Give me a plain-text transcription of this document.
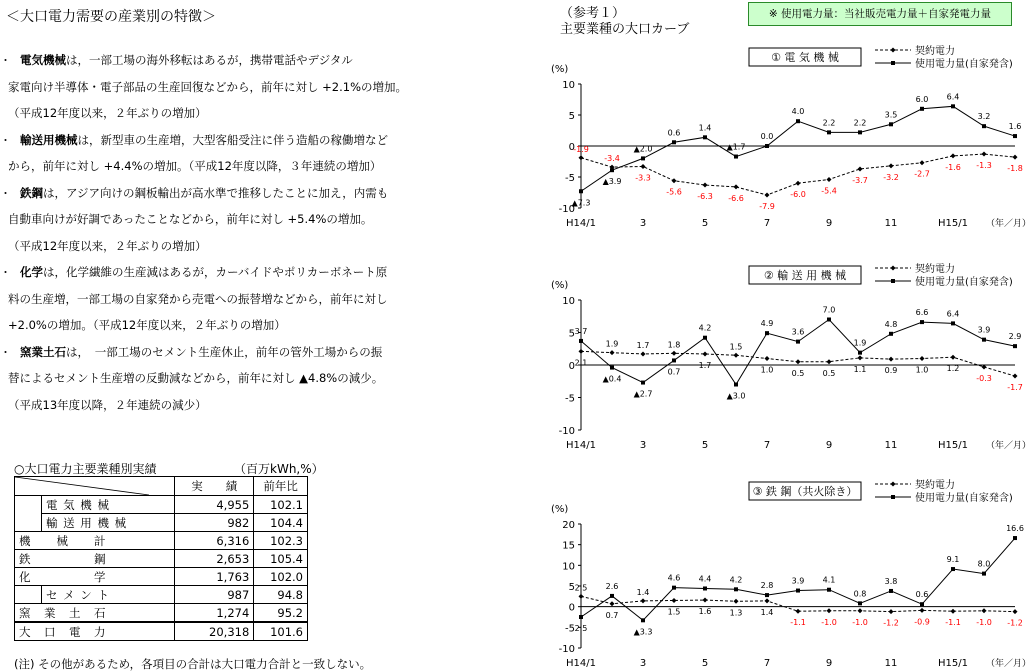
＜大口電力需要の産業別の特徴＞
・ 電気機械は，一部工場の海外移転はあるが，携帯電話やデジタル
家電向け半導体・電子部品の生産回復などから，前年に対し +2.1%の増加。
（平成12年度以来，２年ぶりの増加）
・ 輸送用機械は，新型車の生産増，大型客船受注に伴う造船の稼働増など
から，前年に対し +4.4%の増加。（平成12年度以降，３年連続の増加）
・ 鉄鋼は，アジア向けの鋼板輸出が高水準で推移したことに加え，内需も
自動車向けが好調であったことなどから，前年に対し +5.4%の増加。
（平成12年度以来，２年ぶりの増加）
・ 化学は，化学繊維の生産減はあるが，カーバイドやポリカーボネート原
料の生産増，一部工場の自家発から売電への振替増などから，前年に対し
+2.0%の増加。（平成12年度以来，２年ぶりの増加）
・ 窯業土石は，　一部工場のセメント生産休止，前年の管外工場からの振
替によるセメント生産増の反動減などから，前年に対し ▲4.8%の減少。
（平成13年度以降，２年連続の減少）
○大口電力主要業種別実績	（百万kWh,%）
	実　　績	前年比
	電 気 機 械	4,955	102.1
	輸 送 用 機 械	982	104.4
機　　械　　計		6,316	102.3
鉄　　　　　鋼		2,653	105.4
化　　　　　学		1,763	102.0
	セ メ ン ト	987	94.8
窯　業　土　石		1,274	95.2
大　口　電　力		20,318	101.6
(注) その他があるため，各項目の合計は大口電力合計と一致しない。
（参考１）
主要業種の大口カーブ
※ 使用電力量：当社販売電力量＋自家発電力量
① 電 気 機 械	契約電力
使用電力量(自家発含)
(%)
10
5
0
-5
-10
H14/1	3	5	7	9	11	H15/1 （年／月）
-1.9
-3.4
-3.3
-5.6 -6.3 -6.6
-7.9
-6.0 -5.4
-3.7 -3.2 -2.7
-1.6 -1.3 -1.8
▲7.3
▲3.9
▲2.0
0.6
1.4
▲1.7
0.0
4.0
2.2 2.2
3.5
6.0 6.4
3.2
1.6
② 輸 送 用 機 械	契約電力
使用電力量(自家発含)
(%)
10
5
0
-5
-10
H14/1	3	5	7	9	11	H15/1 （年／月）
2.1
1.9 1.7 1.8
1.7
1.5
1.0 0.5 0.5 1.1 0.9 1.0 1.2
-0.3
-1.7
3.7
▲0.4
▲2.7
0.7
4.2
▲3.0
4.9
3.6
7.0
1.9
4.8
6.6 6.4
3.9
2.9
③ 鉄 鋼（共火除き）	契約電力
使用電力量(自家発含)
(%)
20
15
10
5
0
-5
-10
H14/1	3	5	7	9	11	H15/1 （年／月）
2.5
0.7
1.4
1.5 1.6 1.3 1.4
-1.1 -1.0 -1.0 -1.2 -0.9 -1.1 -1.0 -1.2
2.5
2.6
▲3.3
4.6 4.4 4.2
2.8
3.9 4.1
0.8
3.8
0.6
9.1
8.0
16.6
